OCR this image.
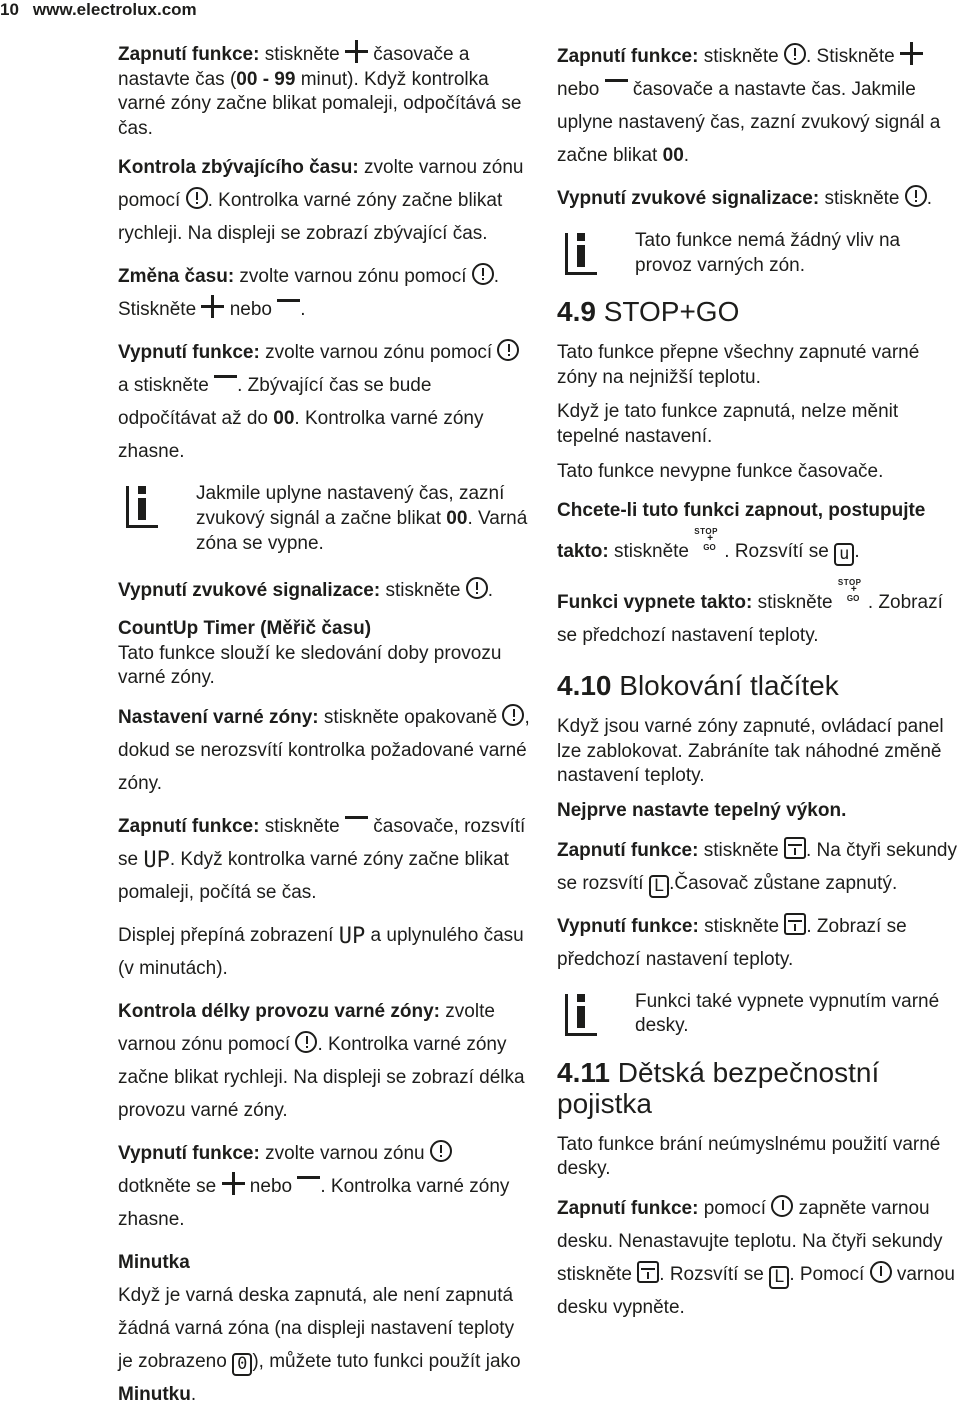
10 www.electrolux.com

Zapnutí funkce: stiskněte  časovače a nastavte čas (00 - 99 minut). Když kontrolka varné zóny začne blikat pomaleji, odpočítává se čas.

Kontrola zbývajícího času: zvolte varnou zónu pomocí . Kontrolka varné zóny začne blikat rychleji. Na displeji se zobrazí zbývající čas.

Změna času: zvolte varnou zónu pomocí . Stiskněte  nebo .

Vypnutí funkce: zvolte varnou zónu pomocí  a stiskněte . Zbývající čas se bude odpočítávat až do 00. Kontrolka varné zóny zhasne.

Jakmile uplyne nastavený čas, zazní zvukový signál a začne blikat 00. Varná zóna se vypne.

Vypnutí zvukové signalizace: stiskněte .

CountUp Timer (Měřič času)
Tato funkce slouží ke sledování doby provozu varné zóny.

Nastavení varné zóny: stiskněte opakovaně , dokud se nerozsvítí kontrolka požadované varné zóny.

Zapnutí funkce: stiskněte  časovače, rozsvítí se UP. Když kontrolka varné zóny začne blikat pomaleji, počítá se čas.

Displej přepíná zobrazení UP a uplynulého času (v minutách).

Kontrola délky provozu varné zóny: zvolte varnou zónu pomocí . Kontrolka varné zóny začne blikat rychleji. Na displeji se zobrazí délka provozu varné zóny.

Vypnutí funkce: zvolte varnou zónu  dotkněte se  nebo . Kontrolka varné zóny zhasne.

Minutka
Když je varná deska zapnutá, ale není zapnutá žádná varná zóna (na displeji nastavení teploty je zobrazeno 0 ), můžete tuto funkci použít jako Minutku.

Zapnutí funkce: stiskněte . Stiskněte  nebo  časovače a nastavte čas. Jakmile uplyne nastavený čas, zazní zvukový signál a začne blikat 00.

Vypnutí zvukové signalizace: stiskněte .

Tato funkce nemá žádný vliv na provoz varných zón.
4.9 STOP+GO

Tato funkce přepne všechny zapnuté varné zóny na nejnižší teplotu.

Když je tato funkce zapnutá, nelze měnit tepelné nastavení.

Tato funkce nevypne funkce časovače.

Chcete-li tuto funkci zapnout, postupujte takto: stiskněte
STOP
+
GO . Rozsvítí se u .

Funkci vypnete takto: stiskněte
STOP
+
GO . Zobrazí se předchozí nastavení teploty.

4.10 Blokování tlačítek

Když jsou varné zóny zapnuté, ovládací panel lze zablokovat. Zabráníte tak náhodné změně nastavení teploty.

Nejprve nastavte tepelný výkon.

Zapnutí funkce: stiskněte . Na čtyři sekundy se rozsvítí L .Časovač zůstane zapnutý.

Vypnutí funkce: stiskněte . Zobrazí se předchozí nastavení teploty.

Funkci také vypnete vypnutím varné desky.
4.11 Dětská bezpečnostní pojistka

Tato funkce brání neúmyslnému použití varné desky.

Zapnutí funkce: pomocí  zapněte varnou desku. Nenastavujte teplotu. Na čtyři sekundy stiskněte . Rozsvítí se L . Pomocí  varnou desku vypněte.
